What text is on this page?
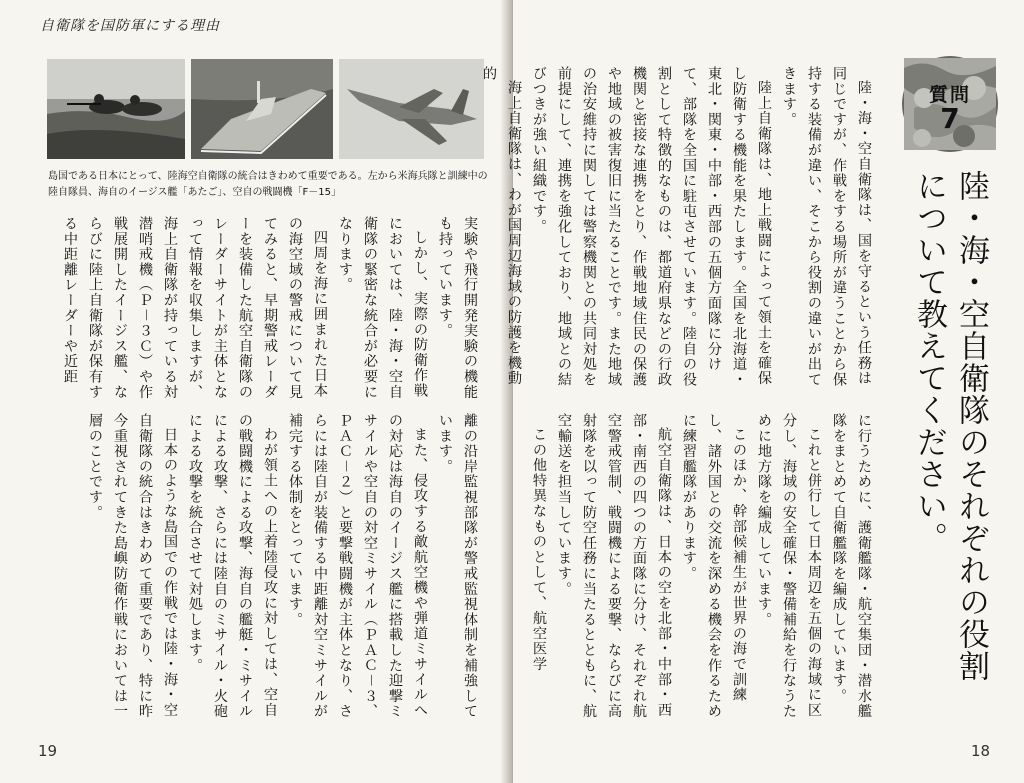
自衛隊を国防軍にする理由
島国である日本にとって、陸海空自衛隊の統合はきわめて重要である。左から米海兵隊と訓練中の陸自隊員、海自のイージス艦「あたご」、空自の戦闘機「F－15」

実験や飛行開発実験の機能も持っています。

しかし、実際の防衛作戦においては、陸・海・空自衛隊の緊密な統合が必要になります。

四周を海に囲まれた日本の海空域の警戒について見てみると、早期警戒レーダーを装備した航空自衛隊のレーダーサイトが主体となって情報を収集しますが、海上自衛隊が持っている対潜哨戒機（Ｐ－３Ｃ）や作戦展開したイージス艦、ならびに陸上自衛隊が保有する中距離レーダーや近距

離の沿岸監視部隊が警戒監視体制を補強しています。

また、侵攻する敵航空機や弾道ミサイルへの対応は海自のイージス艦に搭載した迎撃ミサイルや空自の対空ミサイル（ＰＡＣ－３、ＰＡＣ－２）と要撃戦闘機が主体となり、さらには陸自が装備する中距離対空ミサイルが補完する体制をとっています。

わが領土への上着陸侵攻に対しては、空自の戦闘機による攻撃、海自の艦艇・ミサイルによる攻撃、さらには陸自のミサイル・火砲による攻撃を統合させて対処します。

日本のような島国での作戦では陸・海・空自衛隊の統合はきわめて重要であり、特に昨今重視されてきた島嶼防衛作戦においては一層のことです。

19	18

陸・海・空自衛隊は、国を守るという任務は同じですが、作戦をする場所が違うことから保持する装備が違い、そこから役割の違いが出てきます。

陸上自衛隊は、地上戦闘によって領土を確保し防衛する機能を果たします。全国を北海道・東北・関東・中部・西部の五個方面隊に分けて、部隊を全国に駐屯させています。陸自の役割として特徴的なものは、都道府県などの行政機関と密接な連携をとり、作戦地域住民の保護や地域の被害復旧に当たることです。また地域の治安維持に関しては警察機関との共同対処を前提にして、連携を強化しており、地域との結びつきが強い組織です。

海上自衛隊は、わが国周辺海域の防護を機動的

に行うために、護衛艦隊・航空集団・潜水艦隊をまとめて自衛艦隊を編成しています。

これと併行して日本周辺を五個の海域に区分し、海域の安全確保・警備補給を行なうために地方隊を編成しています。

このほか、幹部候補生が世界の海で訓練し、諸外国との交流を深める機会を作るために練習艦隊があります。

航空自衛隊は、日本の空を北部・中部・西部・南西の四つの方面隊に分け、それぞれ航空警戒管制、戦闘機による要撃、ならびに高射隊を以って防空任務に当たるとともに、航空輸送を担当しています。

この他特異なものとして、航空医学

質問
7
陸・海・空自衛隊のそれぞれの役割について教えてください。
